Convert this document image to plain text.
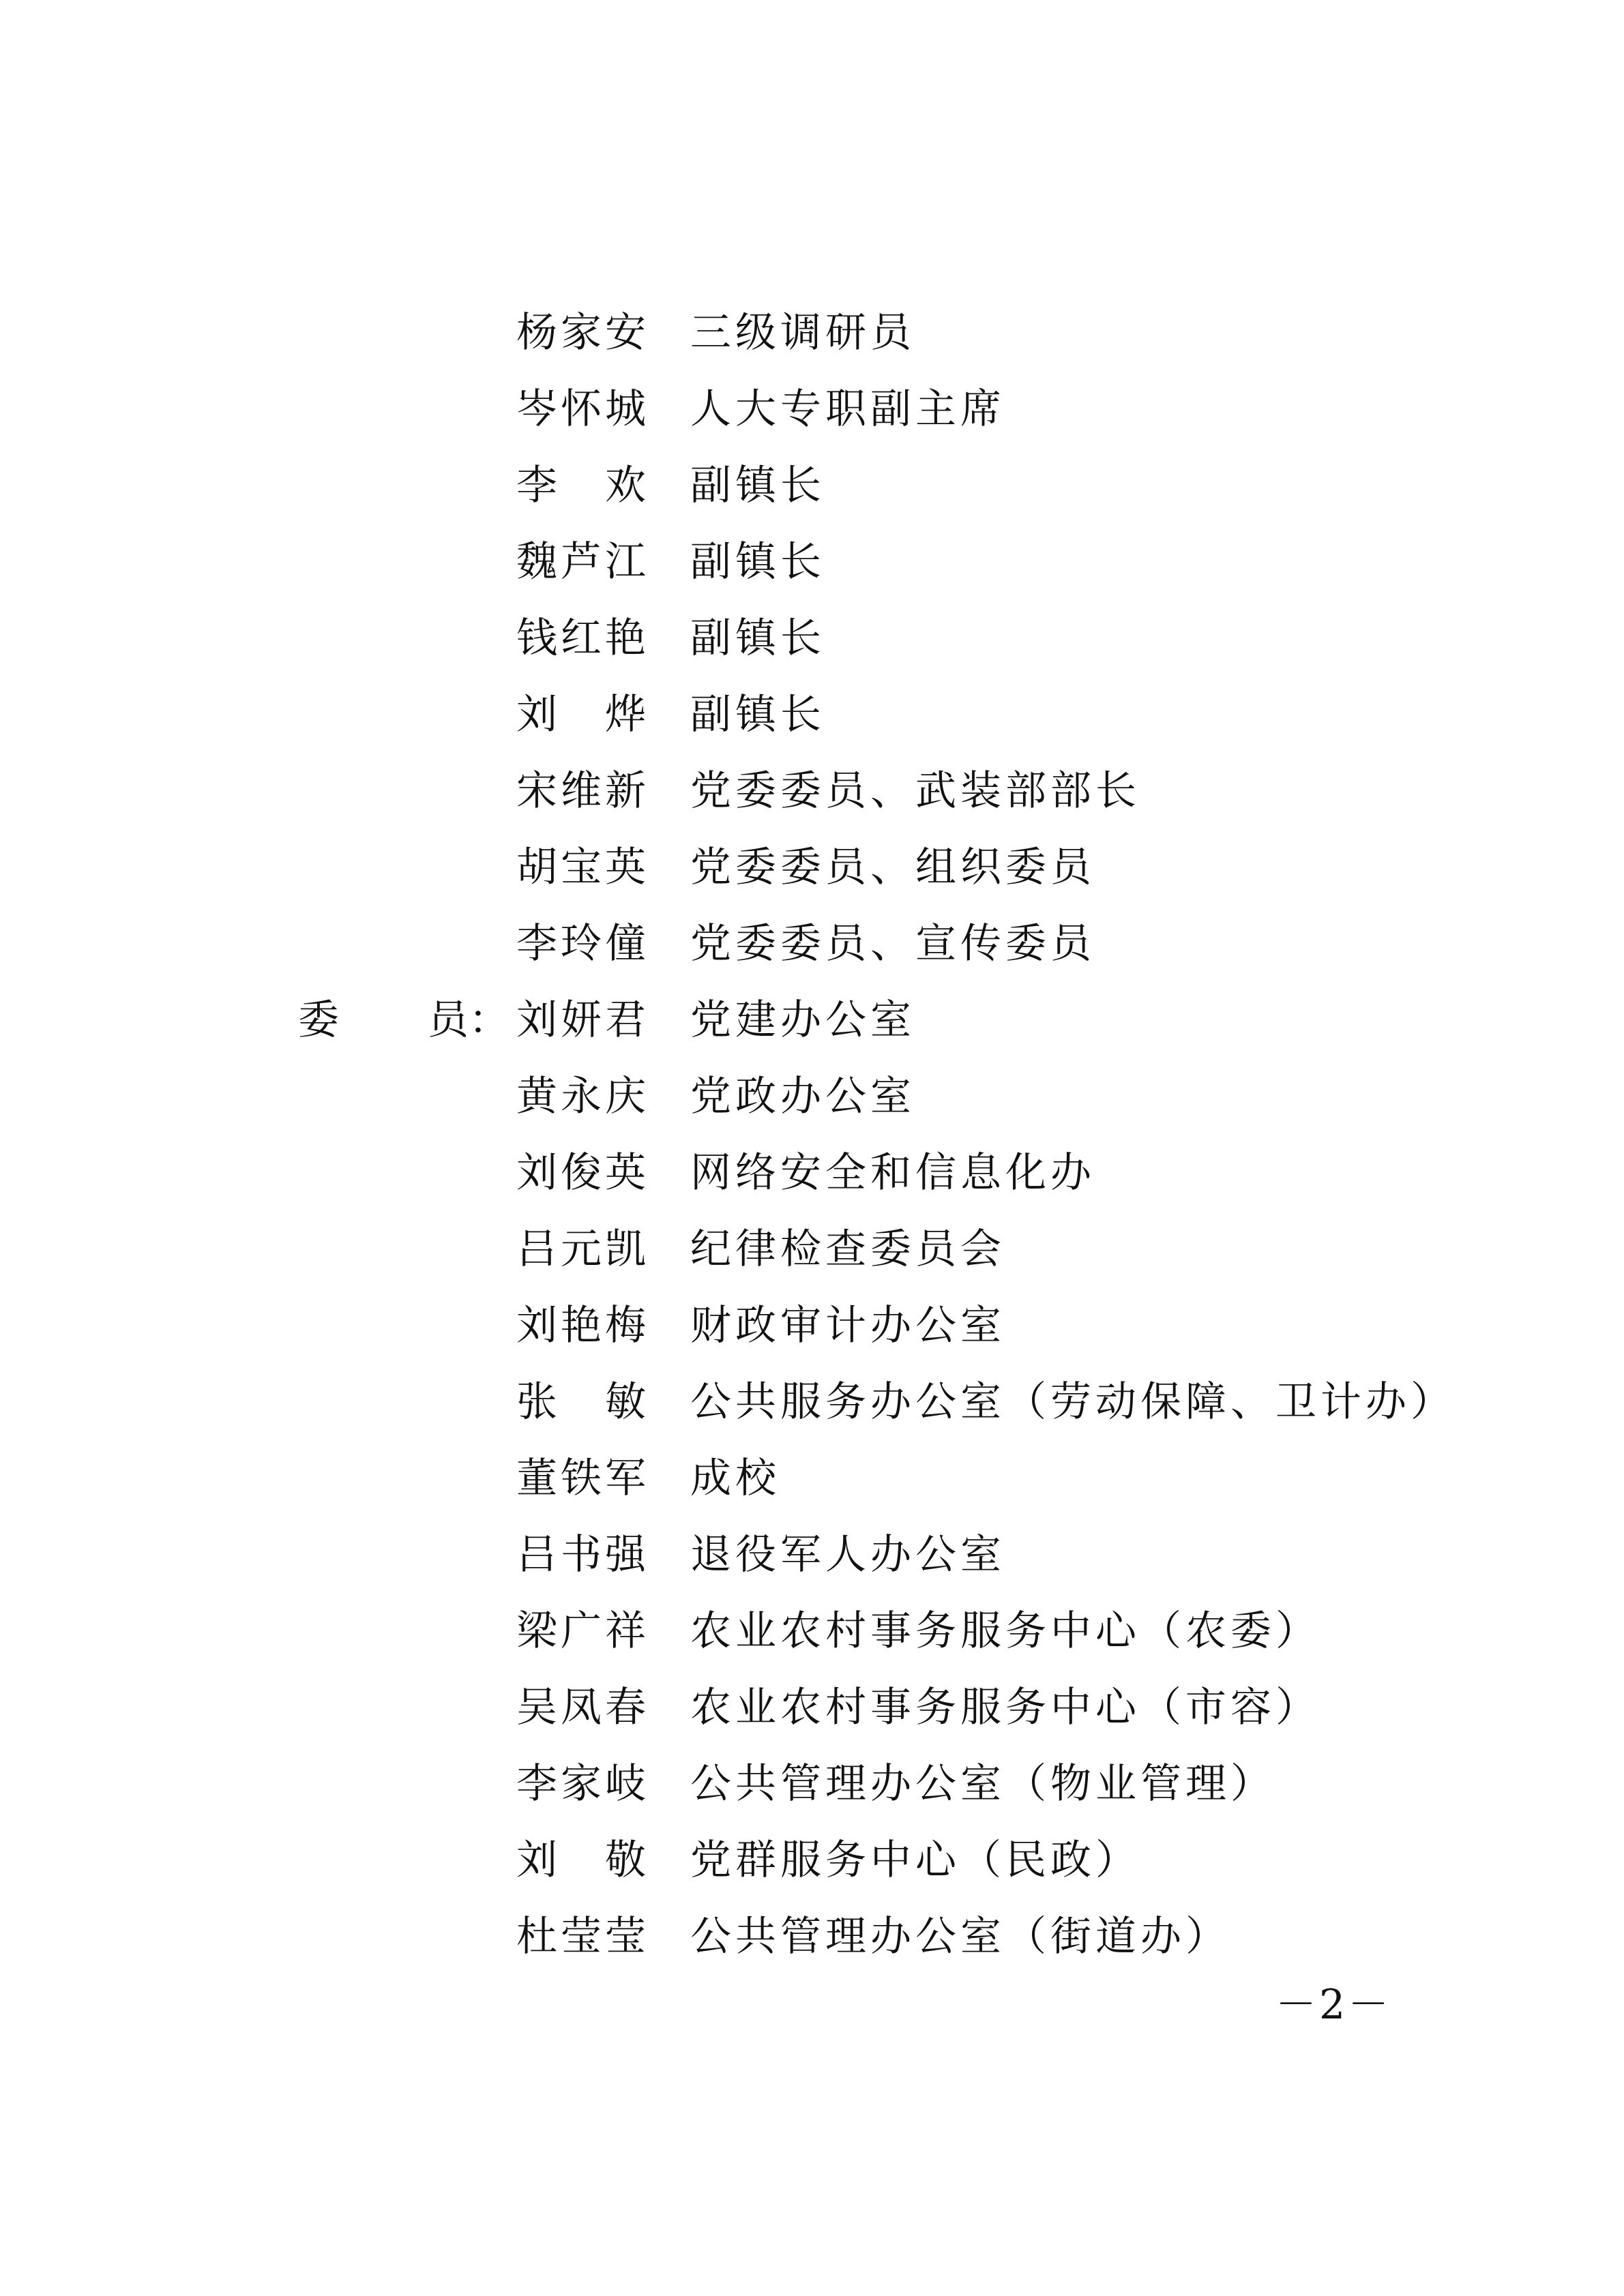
杨 家 安 三级调研员
岑 怀 城 人大专职副主席
李 欢 副镇长
魏 芦 江 副镇长
钱 红 艳 副镇长
刘 烨 副镇长
宋 维 新 党委委员、武装部部长
胡 宝 英 党委委员、组织委员
李 玲 僮 党委委员、宣传委员
委 员： 刘 妍 君 党建办公室
黄 永 庆 党政办公室
刘 俊 英 网络安全和信息化办
吕 元 凯 纪律检查委员会
刘 艳 梅 财政审计办公室
张 敏 公共服务办公室（劳动保障、卫计办）
董 铁 军 成校
吕 书 强 退役军人办公室
梁 广 祥 农业农村事务服务中心（农委）
吴 凤 春 农业农村事务服务中心（市容）
李 家 岐 公共管理办公室（物业管理）
刘 敬 党群服务中心（民政）
杜 莹 莹 公共管理办公室（街道办）
－2－
